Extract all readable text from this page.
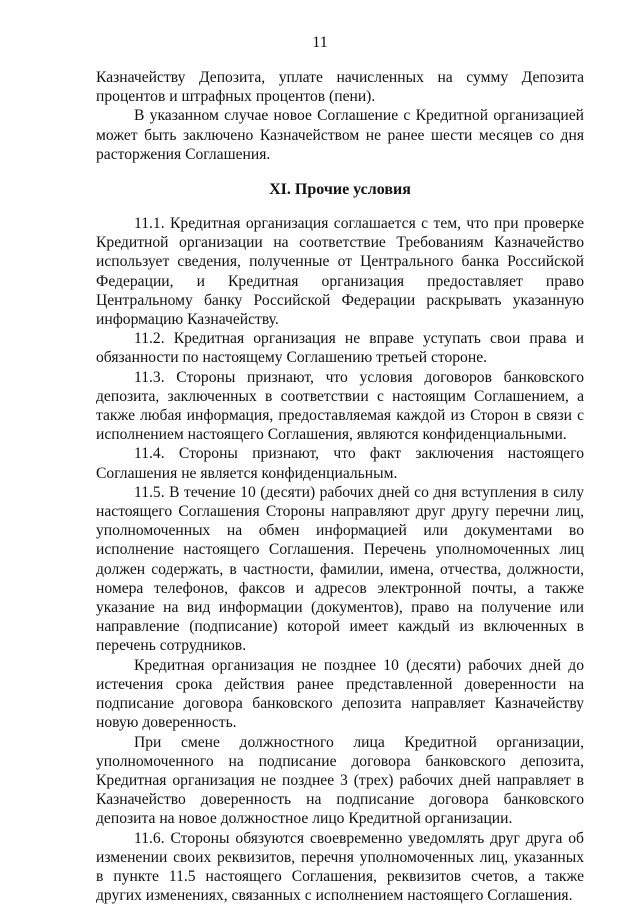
11

Казначейству Депозита, уплате начисленных на сумму Депозита процентов и штрафных процентов (пени).

В указанном случае новое Соглашение с Кредитной организацией может быть заключено Казначейством не ранее шести месяцев со дня расторжения Соглашения.

XI. Прочие условия

11.1. Кредитная организация соглашается с тем, что при проверке Кредитной организации на соответствие Требованиям Казначейство использует сведения, полученные от Центрального банка Российской Федерации, и Кредитная организация предоставляет право Центральному банку Российской Федерации раскрывать указанную информацию Казначейству.

11.2. Кредитная организация не вправе уступать свои права и обязанности по настоящему Соглашению третьей стороне.

11.3. Стороны признают, что условия договоров банковского депозита, заключенных в соответствии с настоящим Соглашением, а также любая информация, предоставляемая каждой из Сторон в связи с исполнением настоящего Соглашения, являются конфиденциальными.

11.4. Стороны признают, что факт заключения настоящего Соглашения не является конфиденциальным.

11.5. В течение 10 (десяти) рабочих дней со дня вступления в силу настоящего Соглашения Стороны направляют друг другу перечни лиц, уполномоченных на обмен информацией или документами во исполнение настоящего Соглашения. Перечень уполномоченных лиц должен содержать, в частности, фамилии, имена, отчества, должности, номера телефонов, факсов и адресов электронной почты, а также указание на вид информации (документов), право на получение или направление (подписание) которой имеет каждый из включенных в перечень сотрудников.

Кредитная организация не позднее 10 (десяти) рабочих дней до истечения срока действия ранее представленной доверенности на подписание договора банковского депозита направляет Казначейству новую доверенность.

При смене должностного лица Кредитной организации, уполномоченного на подписание договора банковского депозита, Кредитная организация не позднее 3 (трех) рабочих дней направляет в Казначейство доверенность на подписание договора банковского депозита на новое должностное лицо Кредитной организации.

11.6. Стороны обязуются своевременно уведомлять друг друга об изменении своих реквизитов, перечня уполномоченных лиц, указанных в пункте 11.5 настоящего Соглашения, реквизитов счетов, а также других изменениях, связанных с исполнением настоящего Соглашения.
